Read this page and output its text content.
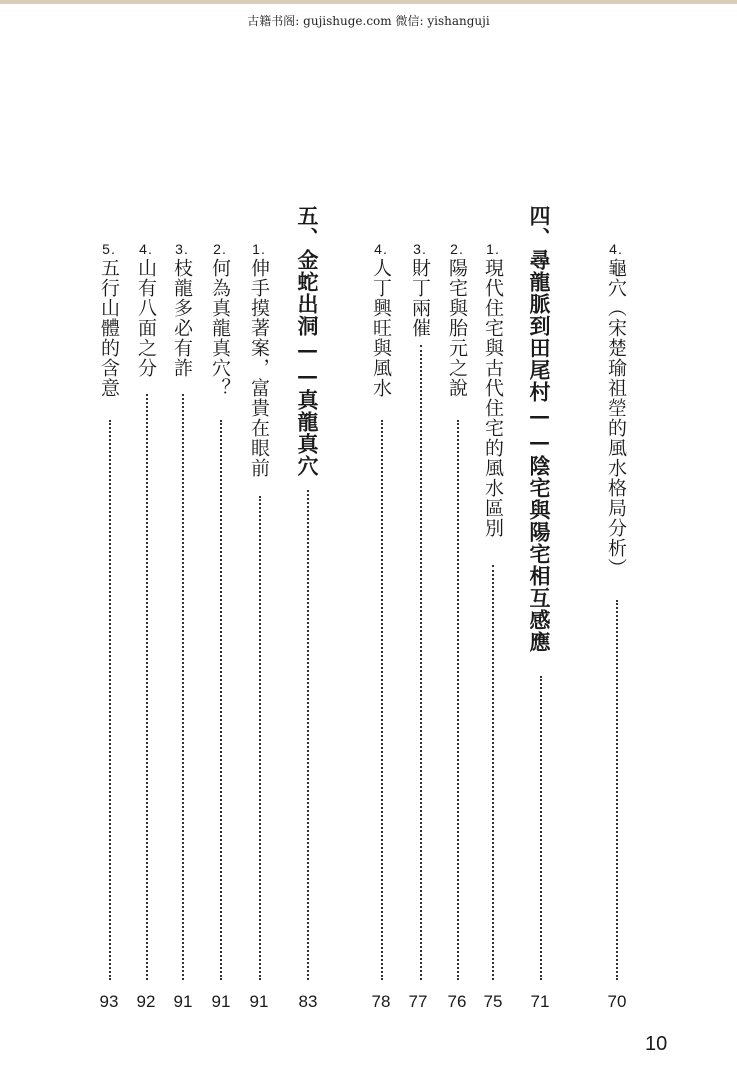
古籍书阁: gujishuge.com 微信: yishanguji
4.龜穴（宋楚瑜祖塋的風水格局分析）
70
四、尋龍脈到田尾村——陰宅與陽宅相互感應
71
1.現代住宅與古代住宅的風水區別
75
2.陽宅與胎元之說
76
3.財丁兩催
77
4.人丁興旺與風水
78
五、金蛇出洞——真龍真穴
83
1.伸手摸著案，富貴在眼前
91
2.何為真龍真穴？
91
3.枝龍多必有詐
91
4.山有八面之分
92
5.五行山體的含意
93
10
